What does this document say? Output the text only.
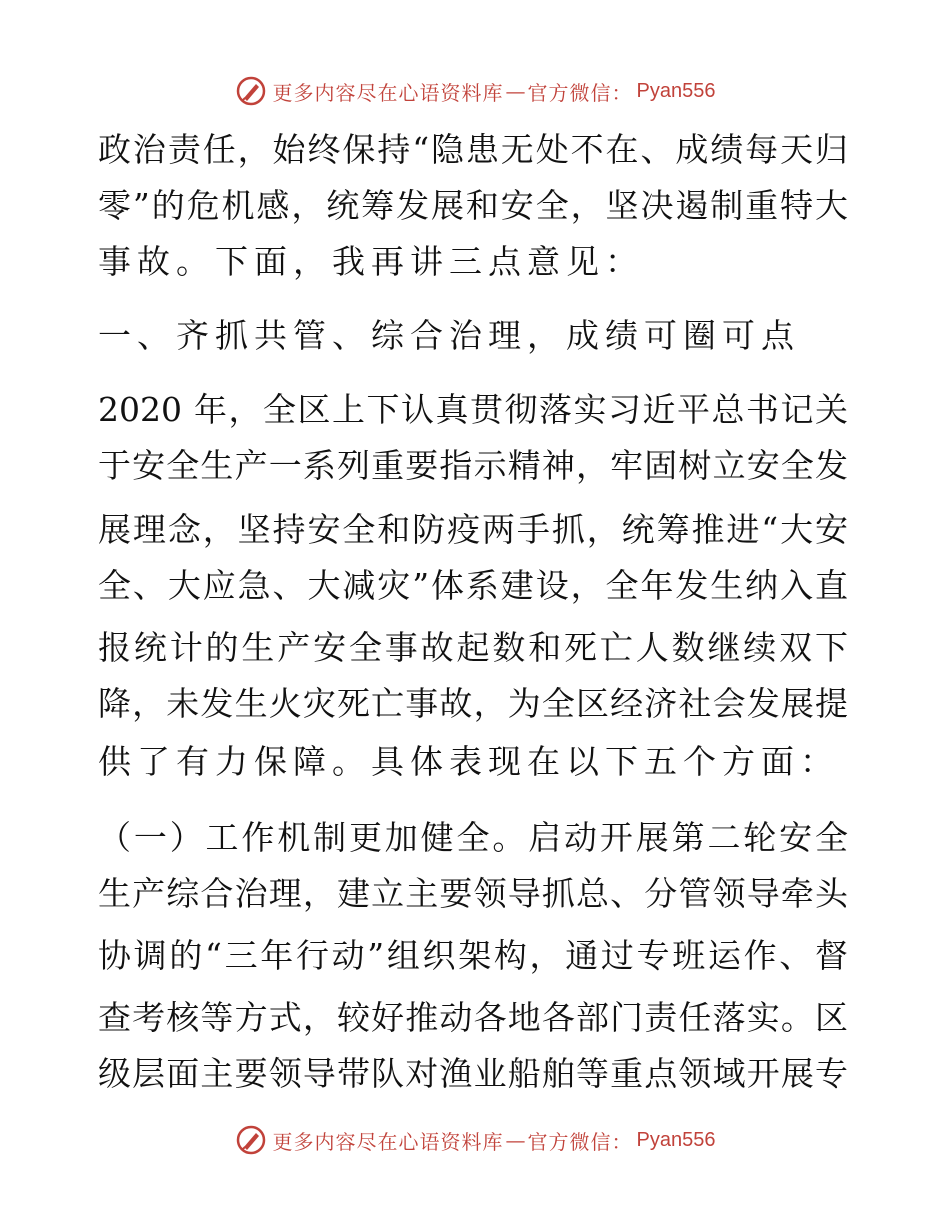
更多内容尽在心语资料库 — 官方微信： Pyan556
政治责任，始终保持“隐患无处不在、成绩每天归
零”的危机感，统筹发展和安全，坚决遏制重特大
事故。下面，我再讲三点意见：
一、齐抓共管、综合治理，成绩可圈可点
2020 年，全区上下认真贯彻落实习近平总书记关
于安全生产一系列重要指示精神，牢固树立安全发
展理念，坚持安全和防疫两手抓，统筹推进“大安
全、大应急、大减灾”体系建设，全年发生纳入直
报统计的生产安全事故起数和死亡人数继续双下
降，未发生火灾死亡事故，为全区经济社会发展提
供了有力保障。具体表现在以下五个方面：
（一）工作机制更加健全。启动开展第二轮安全
生产综合治理，建立主要领导抓总、分管领导牵头
协调的“三年行动”组织架构，通过专班运作、督
查考核等方式，较好推动各地各部门责任落实。区
级层面主要领导带队对渔业船舶等重点领域开展专
更多内容尽在心语资料库 — 官方微信： Pyan556
